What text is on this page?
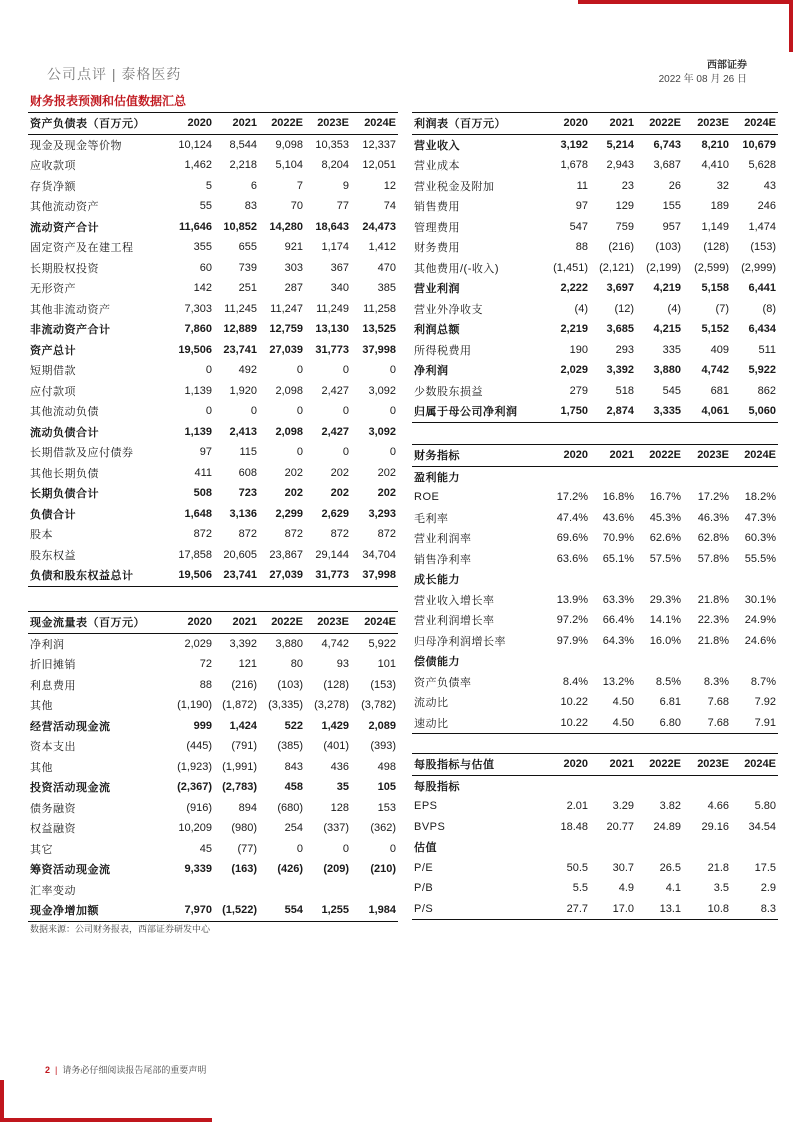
公司点评 | 泰格医药
西部证券
2022 年 08 月 26 日
财务报表预测和估值数据汇总
资产负债表（百万元）	2020	2021	2022E	2023E	2024E
现金及现金等价物	10,124	8,544	9,098	10,353	12,337
应收款项	1,462	2,218	5,104	8,204	12,051
存货净额	5	6	7	9	12
其他流动资产	55	83	70	77	74
流动资产合计	11,646	10,852	14,280	18,643	24,473
固定资产及在建工程	355	655	921	1,174	1,412
长期股权投资	60	739	303	367	470
无形资产	142	251	287	340	385
其他非流动资产	7,303	11,245	11,247	11,249	11,258
非流动资产合计	7,860	12,889	12,759	13,130	13,525
资产总计	19,506	23,741	27,039	31,773	37,998
短期借款	0	492	0	0	0
应付款项	1,139	1,920	2,098	2,427	3,092
其他流动负债	0	0	0	0	0
流动负债合计	1,139	2,413	2,098	2,427	3,092
长期借款及应付债券	97	115	0	0	0
其他长期负债	411	608	202	202	202
长期负债合计	508	723	202	202	202
负债合计	1,648	3,136	2,299	2,629	3,293
股本	872	872	872	872	872
股东权益	17,858	20,605	23,867	29,144	34,704
负债和股东权益总计	19,506	23,741	27,039	31,773	37,998
现金流量表（百万元）	2020	2021	2022E	2023E	2024E
净利润	2,029	3,392	3,880	4,742	5,922
折旧摊销	72	121	80	93	101
利息费用	88	(216)	(103)	(128)	(153)
其他	(1,190)	(1,872)	(3,335)	(3,278)	(3,782)
经营活动现金流	999	1,424	522	1,429	2,089
资本支出	(445)	(791)	(385)	(401)	(393)
其他	(1,923)	(1,991)	843	436	498
投资活动现金流	(2,367)	(2,783)	458	35	105
债务融资	(916)	894	(680)	128	153
权益融资	10,209	(980)	254	(337)	(362)
其它	45	(77)	0	0	0
筹资活动现金流	9,339	(163)	(426)	(209)	(210)
汇率变动					
现金净增加额	7,970	(1,522)	554	1,255	1,984
利润表（百万元）	2020	2021	2022E	2023E	2024E
营业收入	3,192	5,214	6,743	8,210	10,679
营业成本	1,678	2,943	3,687	4,410	5,628
营业税金及附加	11	23	26	32	43
销售费用	97	129	155	189	246
管理费用	547	759	957	1,149	1,474
财务费用	88	(216)	(103)	(128)	(153)
其他费用/(-收入)	(1,451)	(2,121)	(2,199)	(2,599)	(2,999)
营业利润	2,222	3,697	4,219	5,158	6,441
营业外净收支	(4)	(12)	(4)	(7)	(8)
利润总额	2,219	3,685	4,215	5,152	6,434
所得税费用	190	293	335	409	511
净利润	2,029	3,392	3,880	4,742	5,922
少数股东损益	279	518	545	681	862
归属于母公司净利润	1,750	2,874	3,335	4,061	5,060
财务指标	2020	2021	2022E	2023E	2024E
盈利能力					
ROE	17.2%	16.8%	16.7%	17.2%	18.2%
毛利率	47.4%	43.6%	45.3%	46.3%	47.3%
营业利润率	69.6%	70.9%	62.6%	62.8%	60.3%
销售净利率	63.6%	65.1%	57.5%	57.8%	55.5%
成长能力					
营业收入增长率	13.9%	63.3%	29.3%	21.8%	30.1%
营业利润增长率	97.2%	66.4%	14.1%	22.3%	24.9%
归母净利润增长率	97.9%	64.3%	16.0%	21.8%	24.6%
偿债能力					
资产负债率	8.4%	13.2%	8.5%	8.3%	8.7%
流动比	10.22	4.50	6.81	7.68	7.92
速动比	10.22	4.50	6.80	7.68	7.91
每股指标与估值	2020	2021	2022E	2023E	2024E
每股指标					
EPS	2.01	3.29	3.82	4.66	5.80
BVPS	18.48	20.77	24.89	29.16	34.54
估值					
P/E	50.5	30.7	26.5	21.8	17.5
P/B	5.5	4.9	4.1	3.5	2.9
P/S	27.7	17.0	13.1	10.8	8.3
数据来源：公司财务报表，西部证券研发中心
2 | 请务必仔细阅读报告尾部的重要声明
